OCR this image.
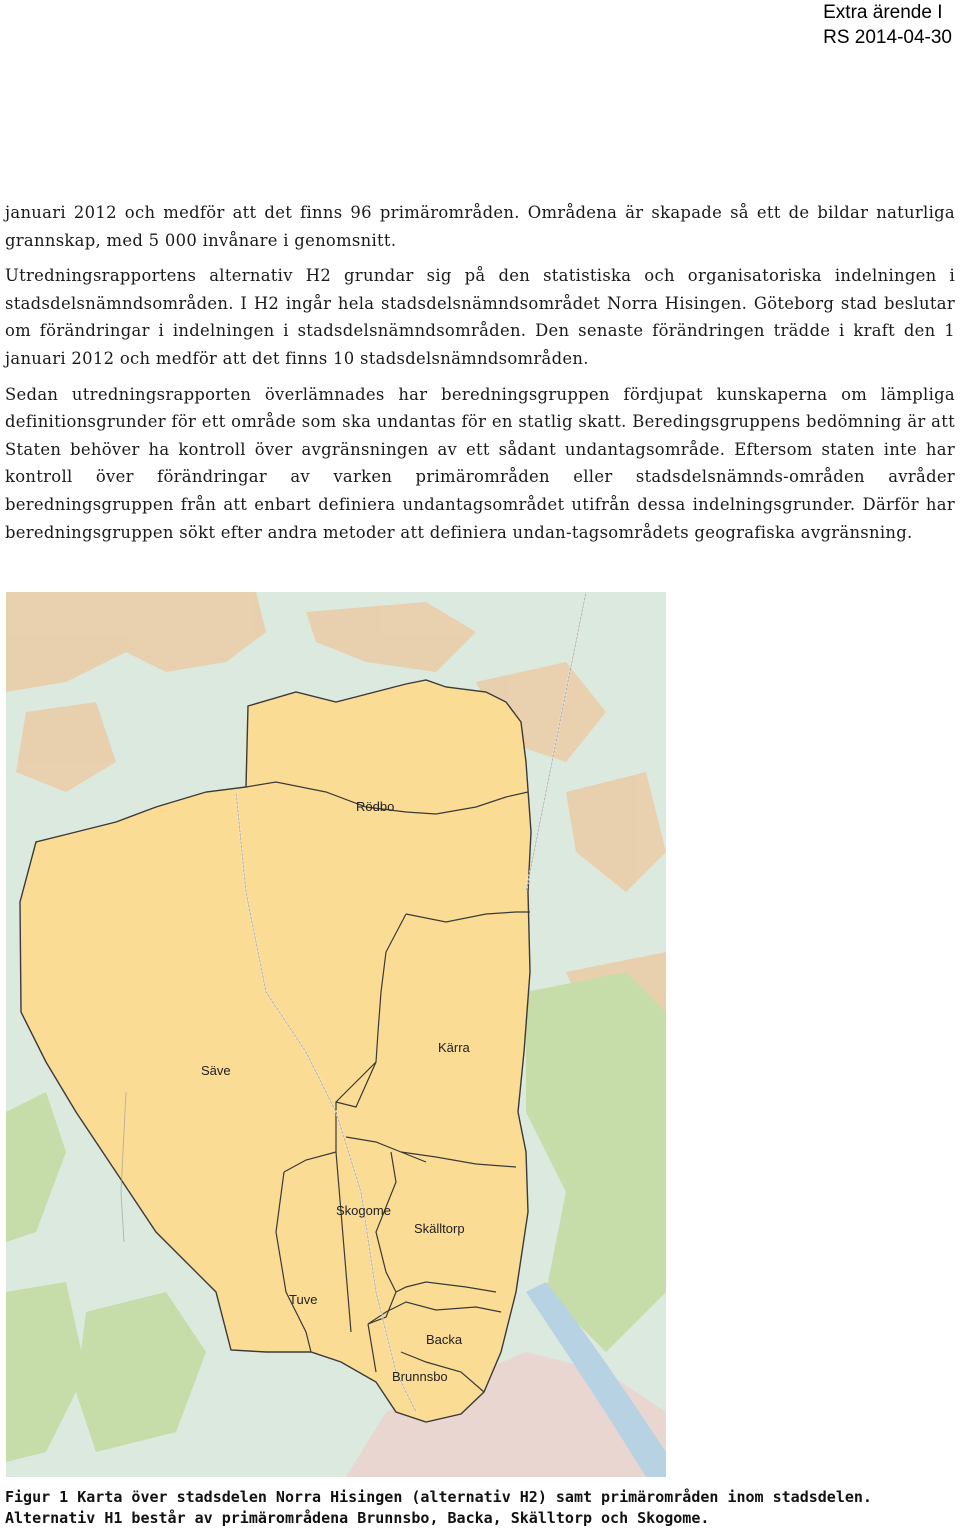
Extra ärende I
RS 2014-04-30

januari 2012 och medför att det finns 96 primärområden. Områdena är skapade så ett de bildar naturliga grannskap, med 5 000 invånare i genomsnitt.

Utredningsrapportens alternativ H2 grundar sig på den statistiska och organisatoriska indelningen i stadsdelsnämndsområden. I H2 ingår hela stadsdelsnämndsområdet Norra Hisingen. Göteborg stad beslutar om förändringar i indelningen i stadsdelsnämndsområden. Den senaste förändringen trädde i kraft den 1 januari 2012 och medför att det finns 10 stadsdelsnämndsområden.

Sedan utredningsrapporten överlämnades har beredningsgruppen fördjupat kunskaperna om lämpliga definitionsgrunder för ett område som ska undantas för en statlig skatt. Beredingsgruppens bedömning är att Staten behöver ha kontroll över avgränsningen av ett sådant undantagsområde. Eftersom staten inte har kontroll över förändringar av varken primärområden eller stadsdelsnämnds-områden avråder beredningsgruppen från att enbart definiera undantagsområdet utifrån dessa indelningsgrunder. Därför har beredningsgruppen sökt efter andra metoder att definiera undan-tagsområdets geografiska avgränsning.

Rödbo
Säve
Kärra
Skogome
Skälltorp
Tuve
Backa
Brunnsbo
Figur 1 Karta över stadsdelen Norra Hisingen (alternativ H2) samt primärområden inom stadsdelen. Alternativ H1 består av primärområdena Brunnsbo, Backa, Skälltorp och Skogome.
